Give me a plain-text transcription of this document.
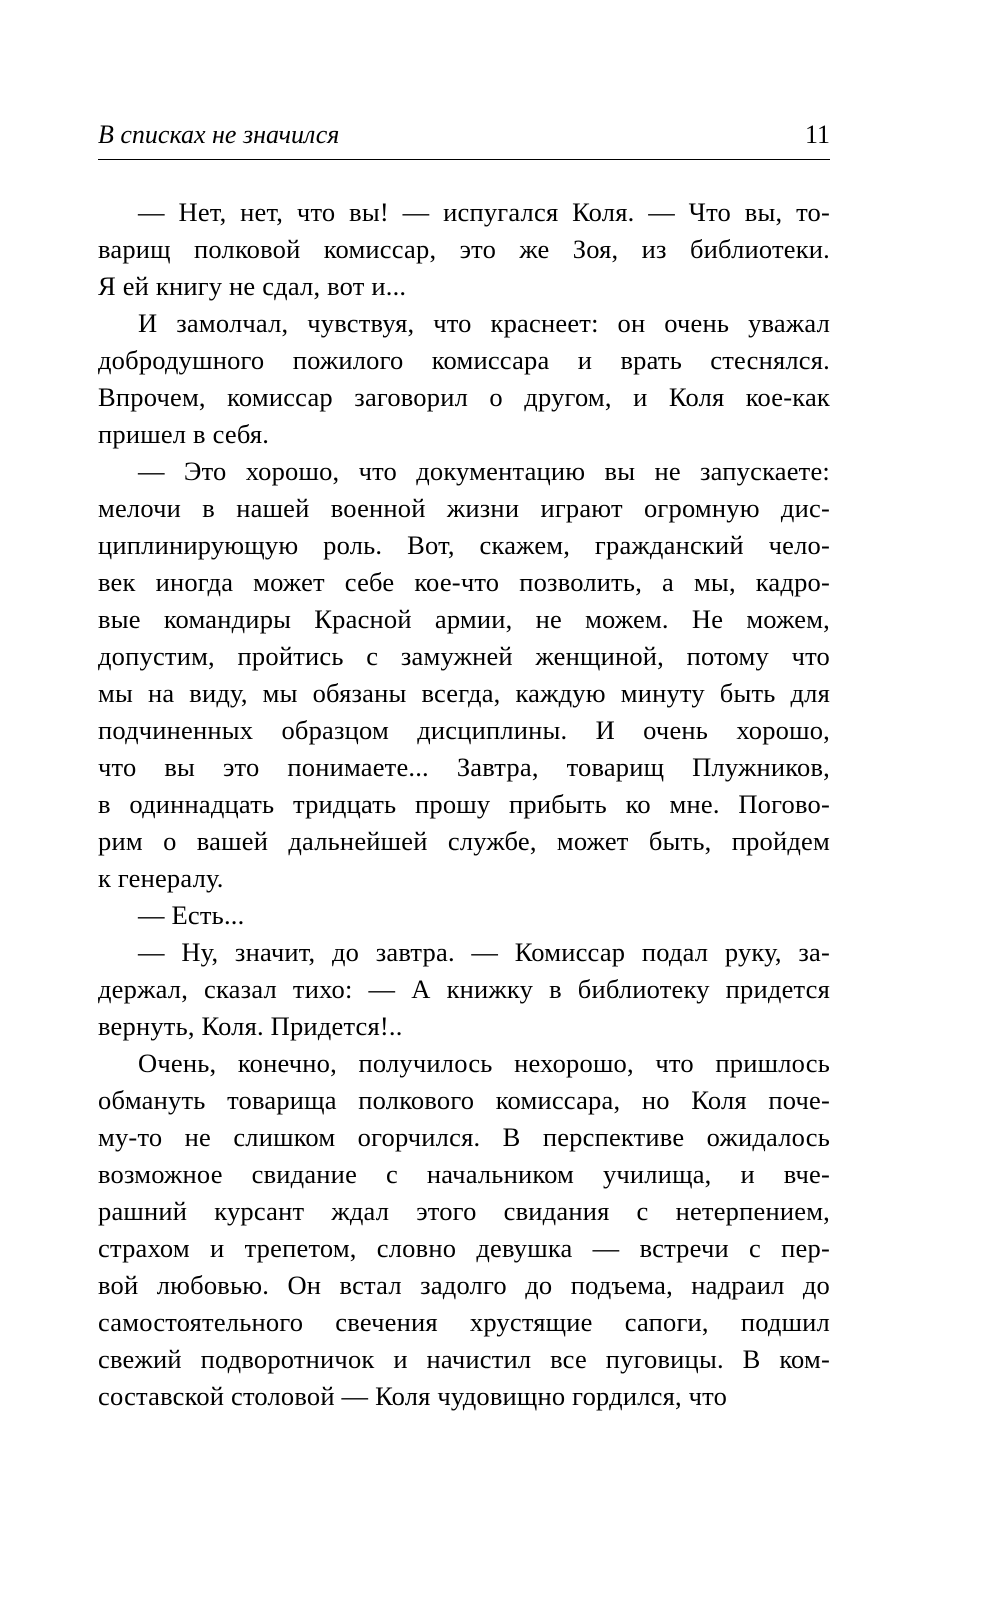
В списках не значился	11

— Нет, нет, что вы! — испугался Коля. — Что вы, то-
варищ полковой комиссар, это же Зоя, из библиотеки.
Я ей книгу не сдал, вот и...

И замолчал, чувствуя, что краснеет: он очень уважал
добродушного пожилого комиссара и врать стеснялся.
Впрочем, комиссар заговорил о другом, и Коля кое-как
пришел в себя.

— Это хорошо, что документацию вы не запускаете:
мелочи в нашей военной жизни играют огромную дис-
циплинирующую роль. Вот, скажем, гражданский чело-
век иногда может себе кое-что позволить, а мы, кадро-
вые командиры Красной армии, не можем. Не можем,
допустим, пройтись с замужней женщиной, потому что
мы на виду, мы обязаны всегда, каждую минуту быть для
подчиненных образцом дисциплины. И очень хорошо,
что вы это понимаете... Завтра, товарищ Плужников,
в одиннадцать тридцать прошу прибыть ко мне. Погово-
рим о вашей дальнейшей службе, может быть, пройдем
к генералу.

— Есть...

— Ну, значит, до завтра. — Комиссар подал руку, за-
держал, сказал тихо: — А книжку в библиотеку придется
вернуть, Коля. Придется!..

Очень, конечно, получилось нехорошо, что пришлось
обмануть товарища полкового комиссара, но Коля поче-
му-то не слишком огорчился. В перспективе ожидалось
возможное свидание с начальником училища, и вче-
рашний курсант ждал этого свидания с нетерпением,
страхом и трепетом, словно девушка — встречи с пер-
вой любовью. Он встал задолго до подъема, надраил до
самостоятельного свечения хрустящие сапоги, подшил
свежий подворотничок и начистил все пуговицы. В ком-
составской столовой — Коля чудовищно гордился, что
